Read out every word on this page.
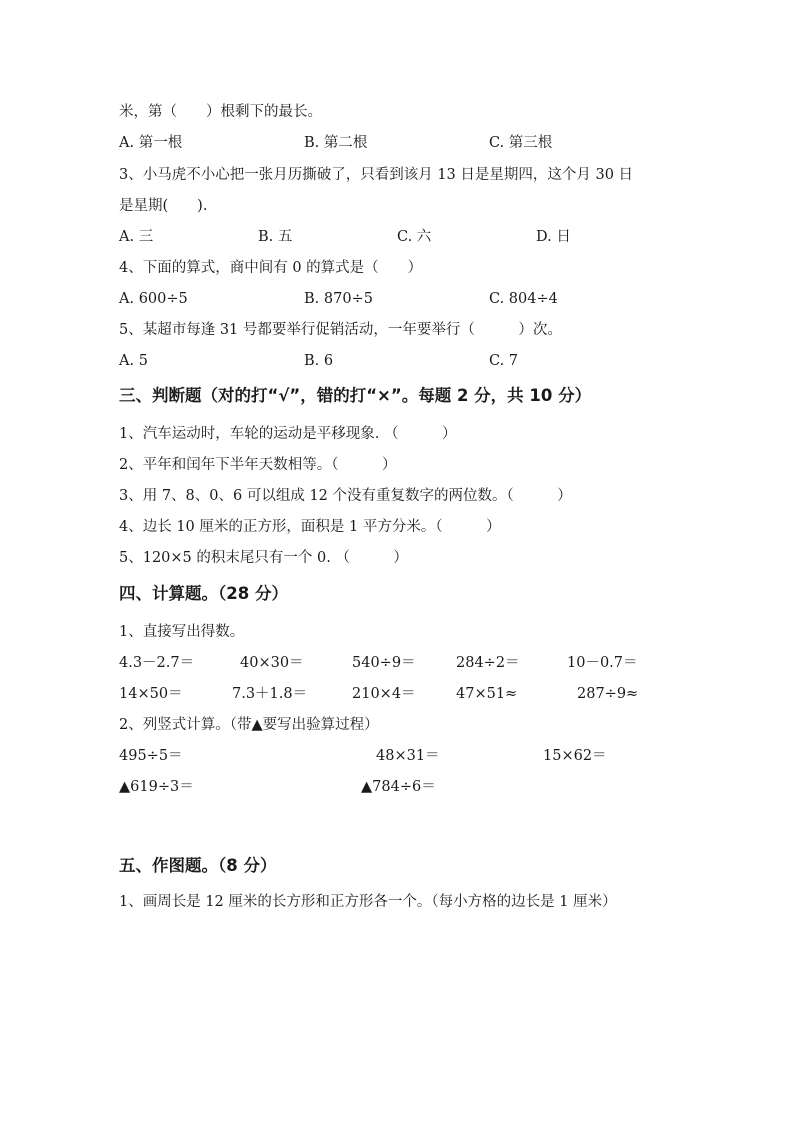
米，第（　　）根剩下的最长。
A. 第一根	B. 第二根	C. 第三根
3、小马虎不小心把一张月历撕破了，只看到该月 13 日是星期四，这个月 30 日
是星期(　　).
A. 三	B. 五	C. 六	D. 日
4、下面的算式，商中间有 0 的算式是（　　）
A. 600÷5	B. 870÷5	C. 804÷4
5、某超市每逢 31 号都要举行促销活动，一年要举行（　　　）次。
A. 5	B. 6	C. 7
三、判断题（对的打“√”，错的打“×”。每题 2 分，共 10 分）
1、汽车运动时，车轮的运动是平移现象. （　　　）
2、平年和闰年下半年天数相等。（　　　）
3、用 7、8、0、6 可以组成 12 个没有重复数字的两位数。（　　　）
4、边长 10 厘米的正方形，面积是 1 平方分米。（　　　）
5、120×5 的积末尾只有一个 0. （　　　）
四、计算题。（28 分）
1、直接写出得数。
4.3－2.7＝	40×30＝	540÷9＝	284÷2＝	10－0.7＝
14×50＝	7.3＋1.8＝	210×4＝	47×51≈	287÷9≈
2、列竖式计算。（带▲要写出验算过程）
495÷5＝	48×31＝	15×62＝
▲619÷3＝	▲784÷6＝
五、作图题。（8 分）
1、画周长是 12 厘米的长方形和正方形各一个。（每小方格的边长是 1 厘米）
